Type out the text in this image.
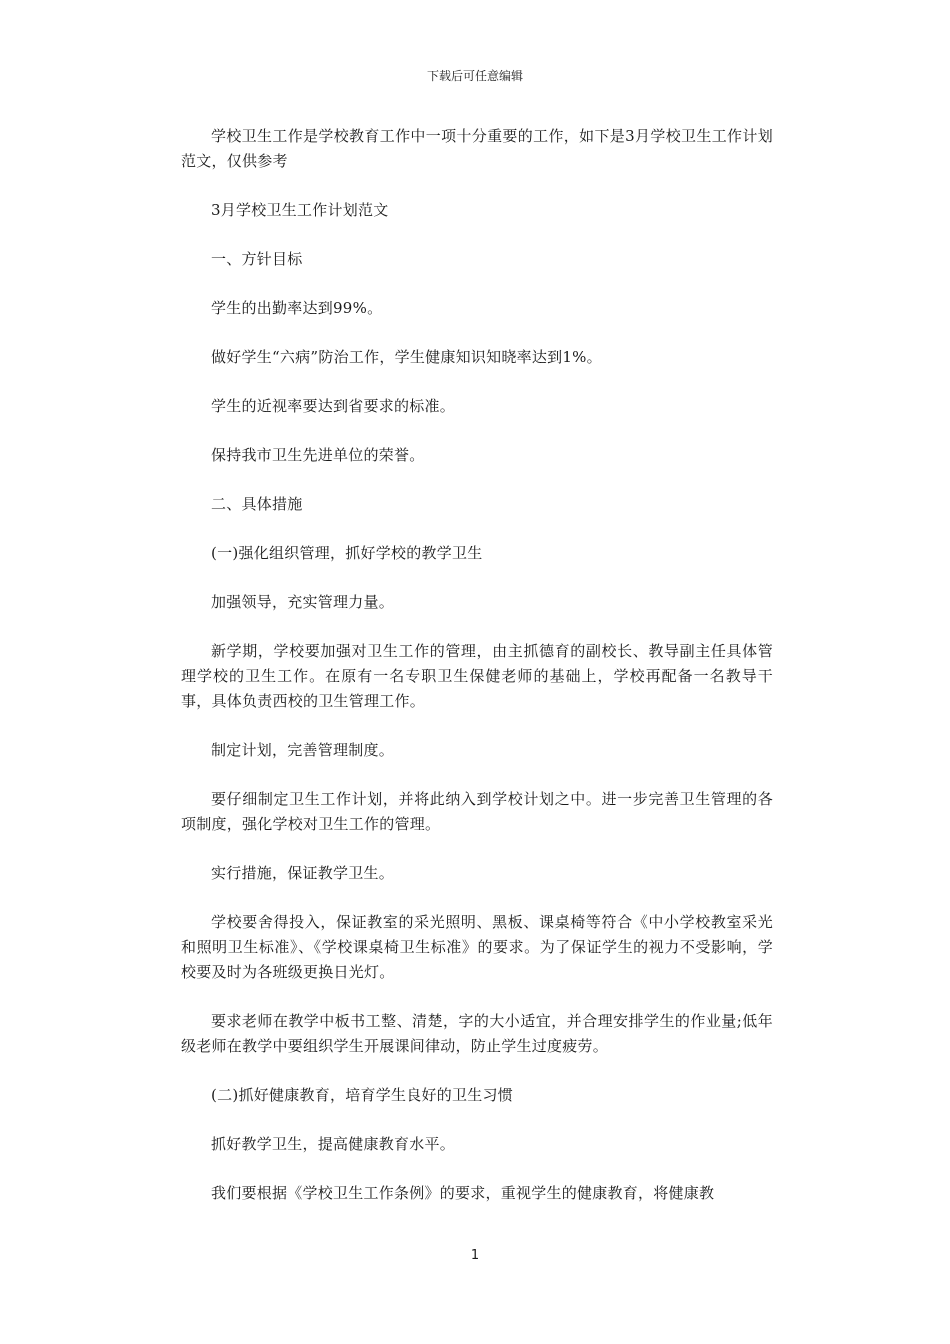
下载后可任意编辑

学校卫生工作是学校教育工作中一项十分重要的工作，如下是3月学校卫生工作计划范文，仅供参考

3月学校卫生工作计划范文

一、方针目标

学生的出勤率达到99%。

做好学生“六病”防治工作，学生健康知识知晓率达到1%。

学生的近视率要达到省要求的标准。

保持我市卫生先进单位的荣誉。

二、具体措施

(一)强化组织管理，抓好学校的教学卫生

加强领导，充实管理力量。

新学期，学校要加强对卫生工作的管理，由主抓德育的副校长、教导副主任具体管理学校的卫生工作。在原有一名专职卫生保健老师的基础上，学校再配备一名教导干事，具体负责西校的卫生管理工作。

制定计划，完善管理制度。

要仔细制定卫生工作计划，并将此纳入到学校计划之中。进一步完善卫生管理的各项制度，强化学校对卫生工作的管理。

实行措施，保证教学卫生。

学校要舍得投入，保证教室的采光照明、黑板、课桌椅等符合《中小学校教室采光和照明卫生标准》、《学校课桌椅卫生标准》的要求。为了保证学生的视力不受影响，学校要及时为各班级更换日光灯。

要求老师在教学中板书工整、清楚，字的大小适宜，并合理安排学生的作业量;低年级老师在教学中要组织学生开展课间律动，防止学生过度疲劳。

(二)抓好健康教育，培育学生良好的卫生习惯

抓好教学卫生，提高健康教育水平。

我们要根据《学校卫生工作条例》的要求，重视学生的健康教育，将健康教

1
